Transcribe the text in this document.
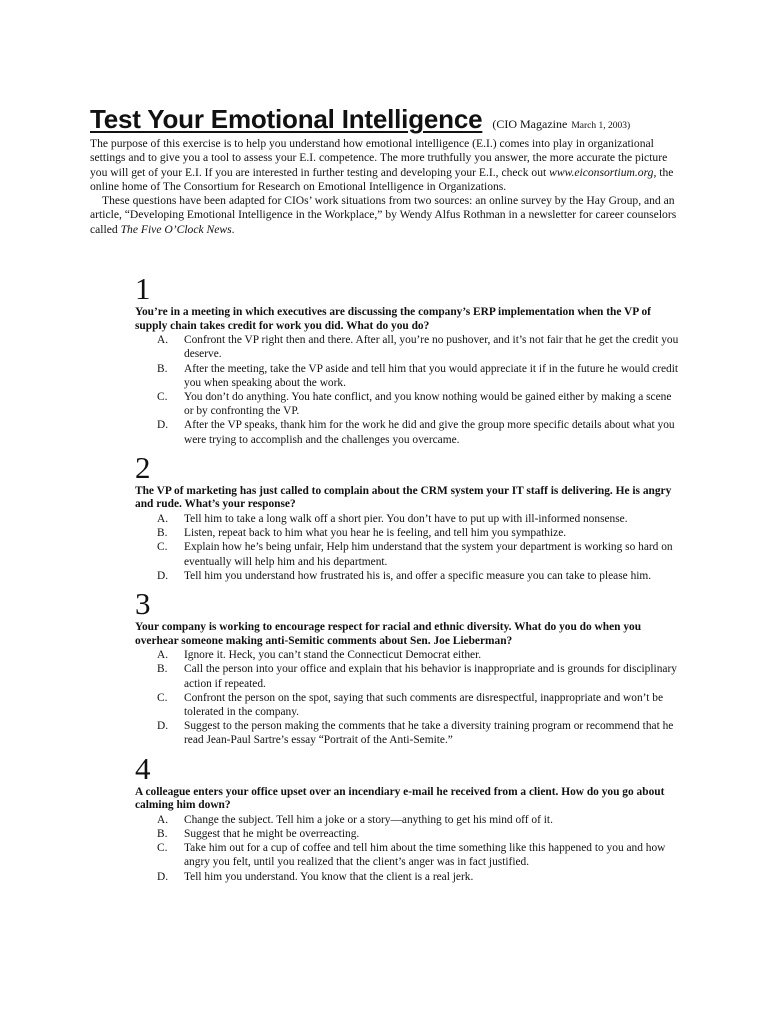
Test Your Emotional Intelligence (CIO Magazine March 1, 2003)

The purpose of this exercise is to help you understand how emotional intelligence (E.I.) comes into play in organizational settings and to give you a tool to assess your E.I. competence. The more truthfully you answer, the more accurate the picture you will get of your E.I. If you are interested in further testing and developing your E.I., check out www.eiconsortium.org, the online home of The Consortium for Research on Emotional Intelligence in Organizations.

These questions have been adapted for CIOs’ work situations from two sources: an online survey by the Hay Group, and an article, “Developing Emotional Intelligence in the Workplace,” by Wendy Alfus Rothman in a newsletter for career counselors called The Five O’Clock News.

1
You’re in a meeting in which executives are discussing the company’s ERP implementation when the VP of supply chain takes credit for work you did. What do you do?
A.	Confront the VP right then and there. After all, you’re no pushover, and it’s not fair that he get the credit you deserve.
B.	After the meeting, take the VP aside and tell him that you would appreciate it if in the future he would credit you when speaking about the work.
C.	You don’t do anything. You hate conflict, and you know nothing would be gained either by making a scene or by confronting the VP.
D.	After the VP speaks, thank him for the work he did and give the group more specific details about what you were trying to accomplish and the challenges you overcame.
2
The VP of marketing has just called to complain about the CRM system your IT staff is delivering. He is angry and rude. What’s your response?
A.	Tell him to take a long walk off a short pier. You don’t have to put up with ill-informed nonsense.
B.	Listen, repeat back to him what you hear he is feeling, and tell him you sympathize.
C.	Explain how he’s being unfair, Help him understand that the system your department is working so hard on eventually will help him and his department.
D.	Tell him you understand how frustrated his is, and offer a specific measure you can take to please him.
3
Your company is working to encourage respect for racial and ethnic diversity. What do you do when you overhear someone making anti-Semitic comments about Sen. Joe Lieberman?
A.	Ignore it. Heck, you can’t stand the Connecticut Democrat either.
B.	Call the person into your office and explain that his behavior is inappropriate and is grounds for disciplinary action if repeated.
C.	Confront the person on the spot, saying that such comments are disrespectful, inappropriate and won’t be tolerated in the company.
D.	Suggest to the person making the comments that he take a diversity training program or recommend that he read Jean-Paul Sartre’s essay “Portrait of the Anti-Semite.”
4
A colleague enters your office upset over an incendiary e-mail he received from a client. How do you go about calming him down?
A.	Change the subject. Tell him a joke or a story—anything to get his mind off of it.
B.	Suggest that he might be overreacting.
C.	Take him out for a cup of coffee and tell him about the time something like this happened to you and how angry you felt, until you realized that the client’s anger was in fact justified.
D.	Tell him you understand. You know that the client is a real jerk.
